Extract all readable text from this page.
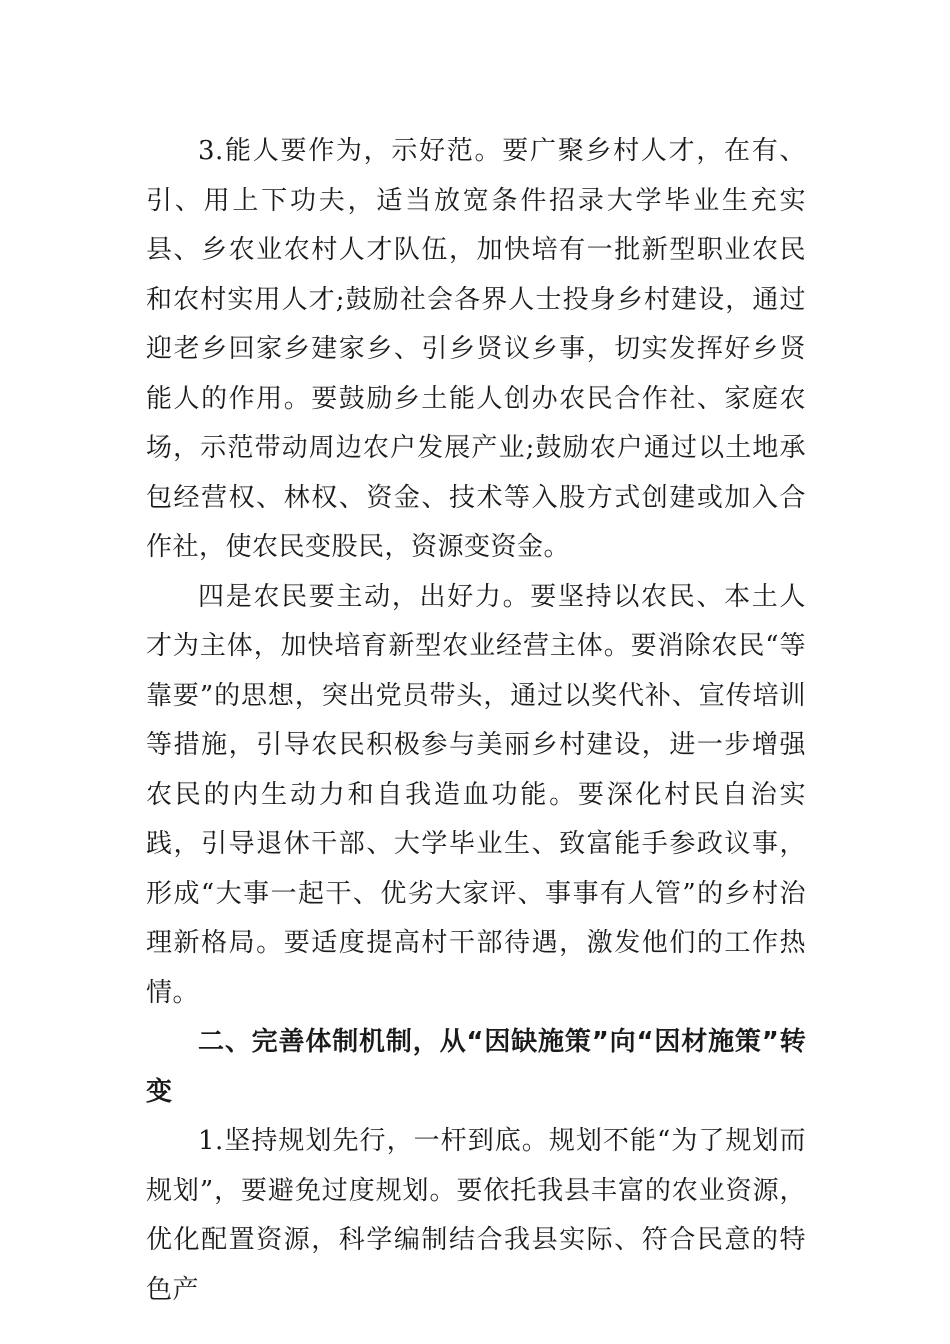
3.能人要作为，示好范。要广聚乡村人才，在有、引、用上下功夫，适当放宽条件招录大学毕业生充实县、乡农业农村人才队伍，加快培有一批新型职业农民和农村实用人才;鼓励社会各界人士投身乡村建设，通过迎老乡回家乡建家乡、引乡贤议乡事，切实发挥好乡贤能人的作用。要鼓励乡土能人创办农民合作社、家庭农场，示范带动周边农户发展产业;鼓励农户通过以土地承包经营权、林权、资金、技术等入股方式创建或加入合作社，使农民变股民，资源变资金。

四是农民要主动，出好力。要坚持以农民、本土人才为主体，加快培育新型农业经营主体。要消除农民“等靠要”的思想，突出党员带头，通过以奖代补、宣传培训等措施，引导农民积极参与美丽乡村建设，进一步增强农民的内生动力和自我造血功能。要深化村民自治实践，引导退休干部、大学毕业生、致富能手参政议事，形成“大事一起干、优劣大家评、事事有人管”的乡村治理新格局。要适度提高村干部待遇，激发他们的工作热情。

二、完善体制机制，从“因缺施策”向“因材施策”转变

1.坚持规划先行，一杆到底。规划不能“为了规划而规划”，要避免过度规划。要依托我县丰富的农业资源，优化配置资源，科学编制结合我县实际、符合民意的特色产
